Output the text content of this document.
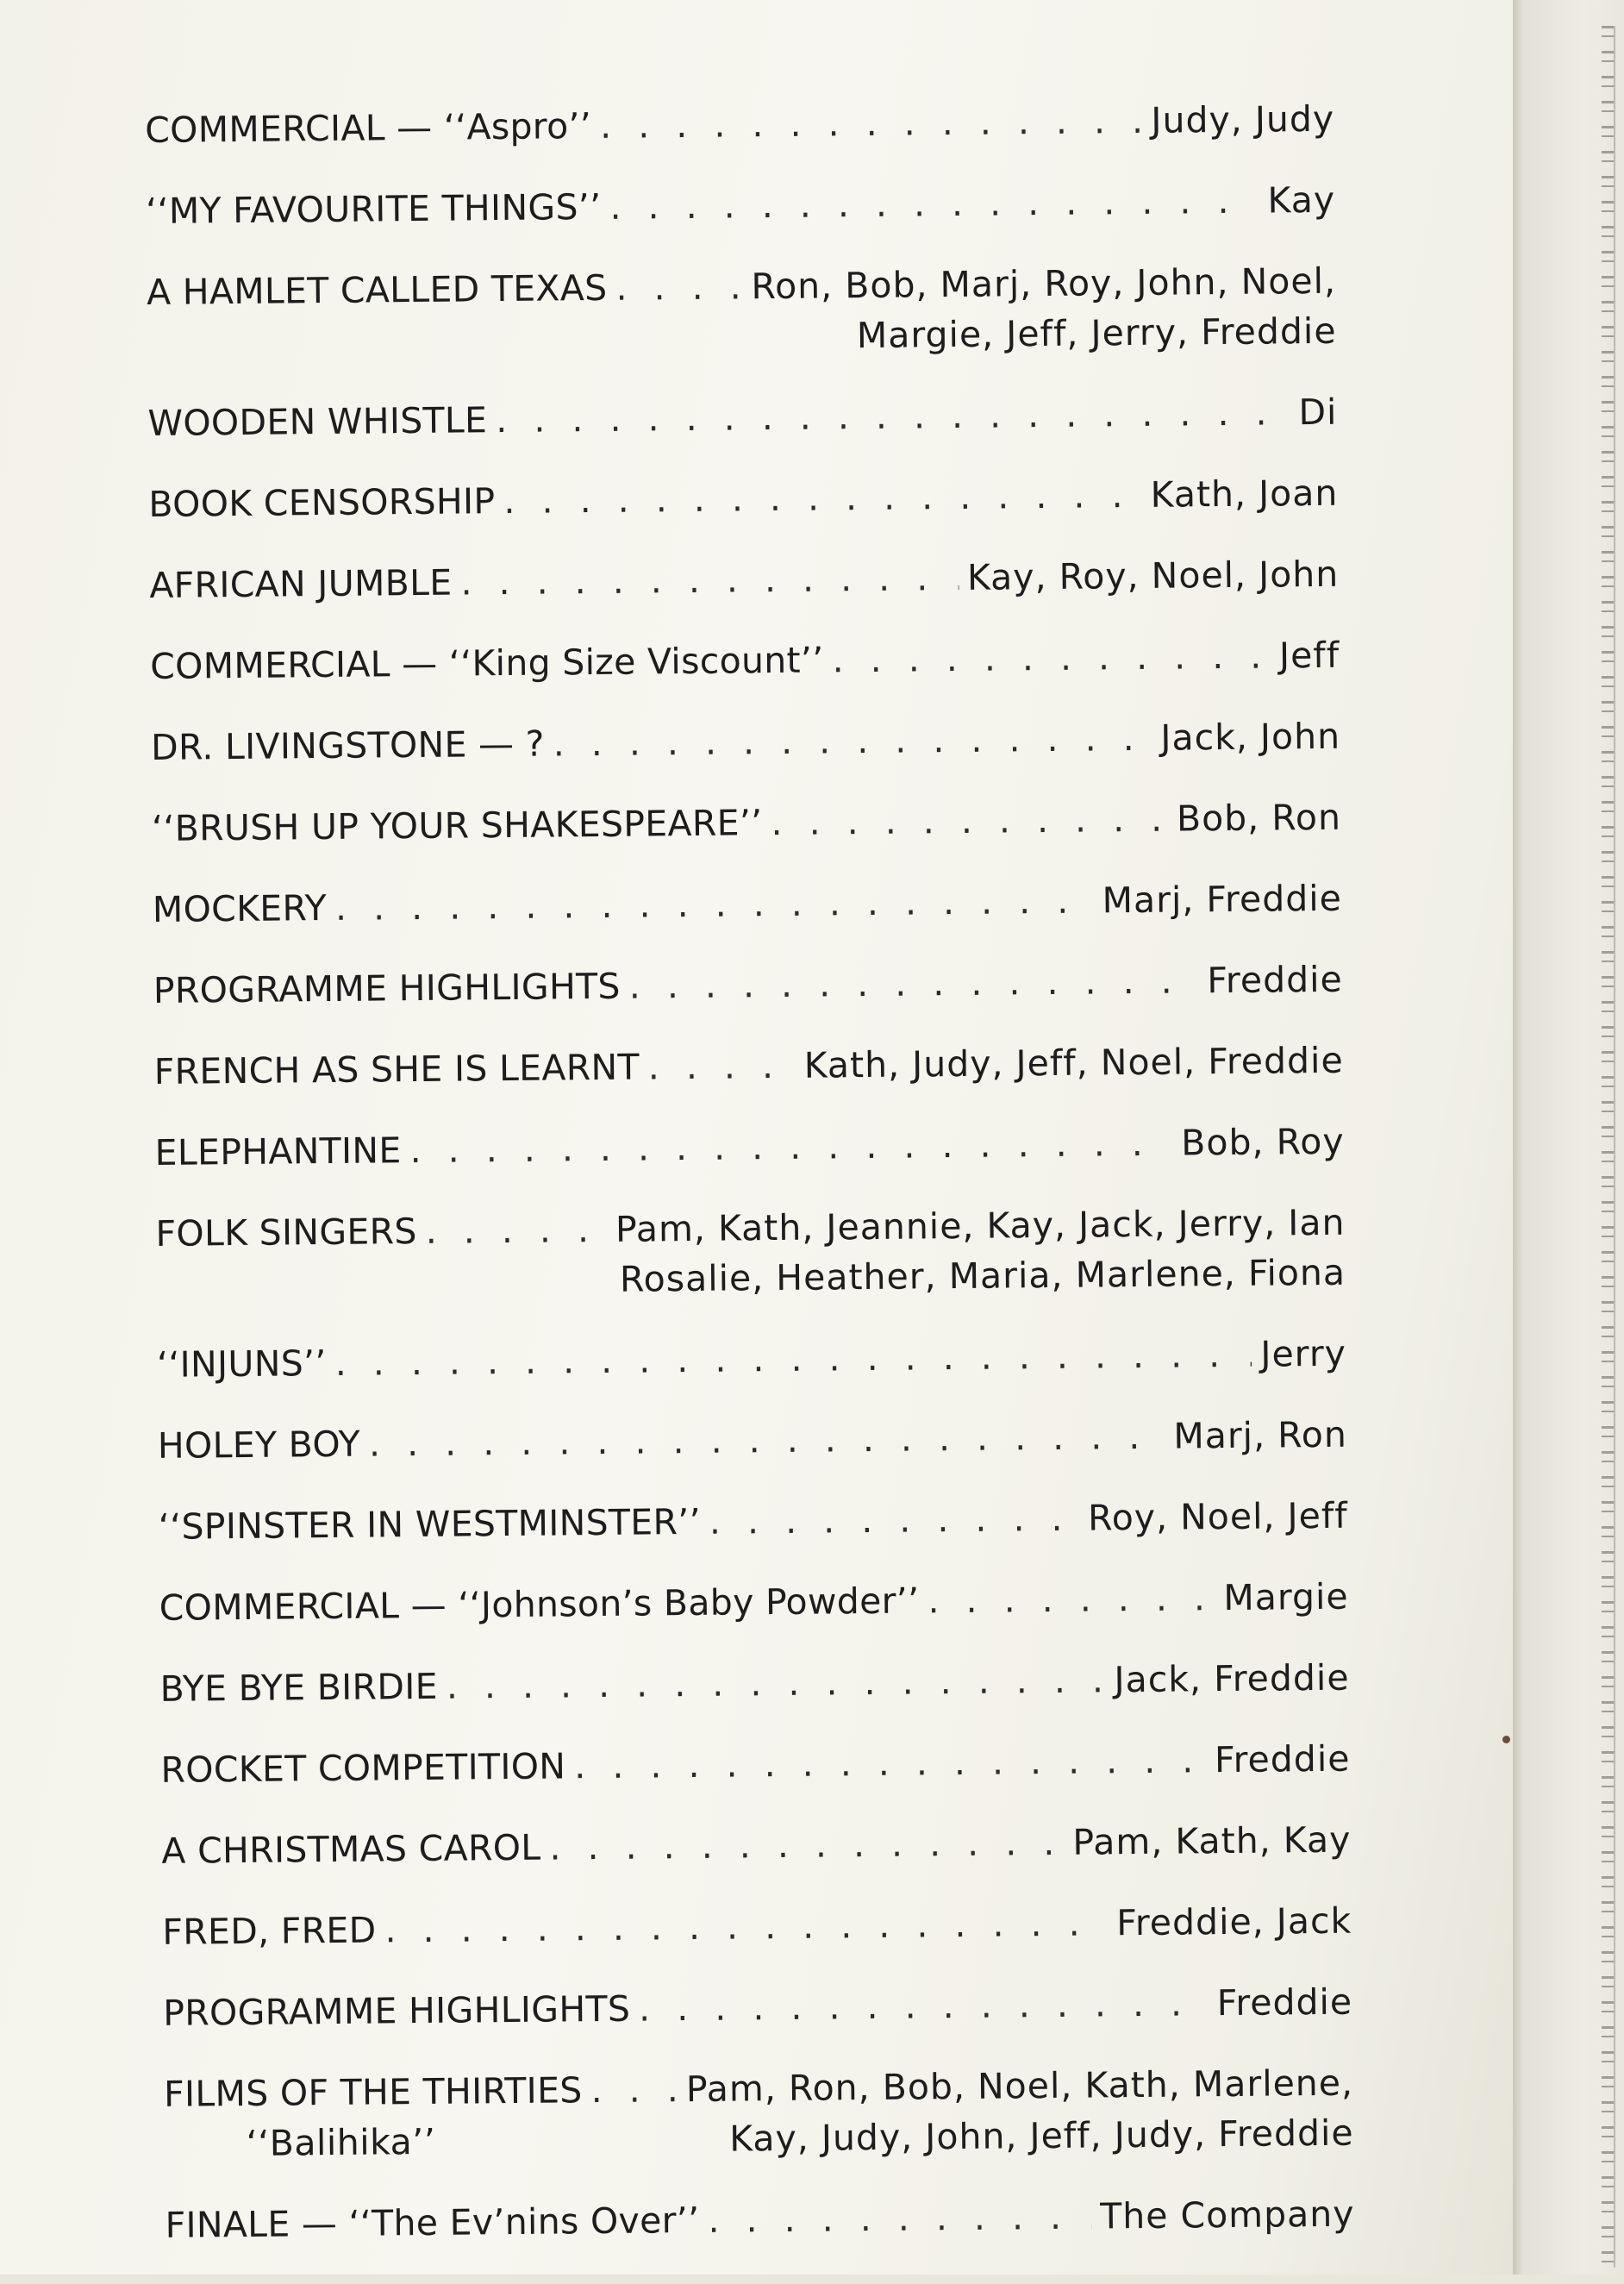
COMMERCIAL — ‘‘Aspro’’ . . .	Judy, Judy
‘‘MY FAVOURITE THINGS’’ . . .	Kay
A HAMLET CALLED TEXAS . . .	Ron, Bob, Marj, Roy, John, Noel,
Margie, Jeff, Jerry, Freddie
WOODEN WHISTLE . . .	Di
BOOK CENSORSHIP . . .	Kath, Joan
AFRICAN JUMBLE . . .	Kay, Roy, Noel, John
COMMERCIAL — ‘‘King Size Viscount’’ . . .	Jeff
DR. LIVINGSTONE — ? . . .	Jack, John
‘‘BRUSH UP YOUR SHAKESPEARE’’ . . .	Bob, Ron
MOCKERY . . .	Marj, Freddie
PROGRAMME HIGHLIGHTS . . .	Freddie
FRENCH AS SHE IS LEARNT . . .	Kath, Judy, Jeff, Noel, Freddie
ELEPHANTINE . . .	Bob, Roy
FOLK SINGERS . . .	Pam, Kath, Jeannie, Kay, Jack, Jerry, Ian
Rosalie, Heather, Maria, Marlene, Fiona
‘‘INJUNS’’ . . .	Jerry
HOLEY BOY . . .	Marj, Ron
‘‘SPINSTER IN WESTMINSTER’’ . . .	Roy, Noel, Jeff
COMMERCIAL — ‘‘Johnson’s Baby Powder’’ . . .	Margie
BYE BYE BIRDIE . . .	Jack, Freddie
ROCKET COMPETITION . . .	Freddie
A CHRISTMAS CAROL . . .	Pam, Kath, Kay
FRED, FRED . . .	Freddie, Jack
PROGRAMME HIGHLIGHTS . . .	Freddie
FILMS OF THE THIRTIES . . .	Pam, Ron, Bob, Noel, Kath, Marlene,
‘‘Balihika’’	Kay, Judy, John, Jeff, Judy, Freddie
FINALE — ‘‘The Ev’nins Over’’ . . .	The Company
